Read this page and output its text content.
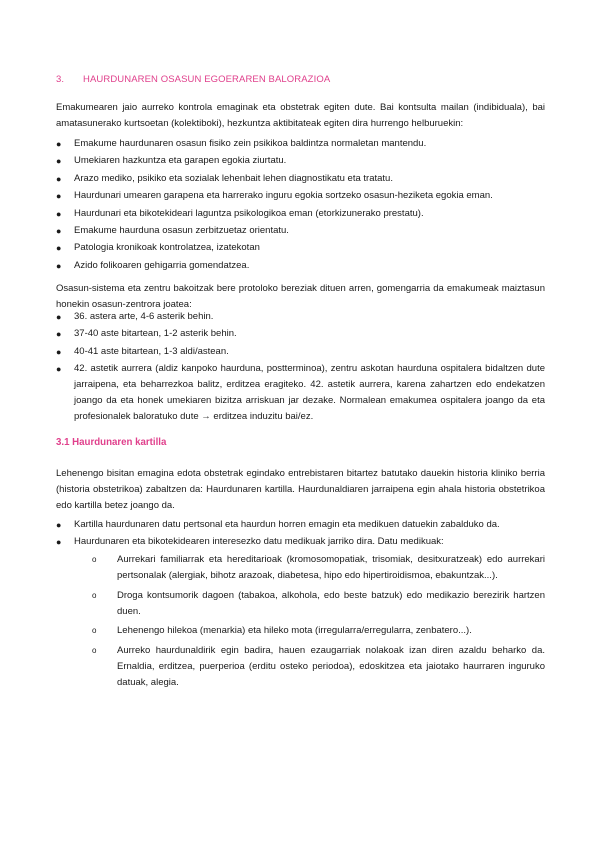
3. HAURDUNAREN OSASUN EGOERAREN BALORAZIOA

Emakumearen jaio aurreko kontrola emaginak eta obstetrak egiten dute. Bai kontsulta mailan (indibiduala), bai amatasunerako kurtsoetan (kolektiboki), hezkuntza aktibitateak egiten dira hurrengo helburuekin:

● Emakume haurdunaren osasun fisiko zein psikikoa baldintza normaletan mantendu.
● Umekiaren hazkuntza eta garapen egokia ziurtatu.
● Arazo mediko, psikiko eta sozialak lehenbait lehen diagnostikatu eta tratatu.
● Haurdunari umearen garapena eta harrerako inguru egokia sortzeko osasun-heziketa egokia eman.
● Haurdunari eta bikotekideari laguntza psikologikoa eman (etorkizunerako prestatu).
● Emakume haurduna osasun zerbitzuetaz orientatu.
● Patologia kronikoak kontrolatzea, izatekotan
● Azido folikoaren gehigarria gomendatzea.

Osasun-sistema eta zentru bakoitzak bere protoloko bereziak dituen arren, gomengarria da emakumeak maiztasun honekin osasun-zentrora joatea:

● 36. astera arte, 4-6 asterik behin.
● 37-40 aste bitartean, 1-2 asterik behin.
● 40-41 aste bitartean, 1-3 aldi/astean.
● 42. astetik aurrera (aldiz kanpoko haurduna, postterminoa), zentru askotan haurduna ospitalera bidaltzen dute jarraipena, eta beharrezkoa balitz, erditzea eragiteko. 42. astetik aurrera, karena zahartzen edo endekatzen joango da eta honek umekiaren bizitza arriskuan jar dezake. Normalean emakumea ospitalera joango da eta profesionalek baloratuko dute → erditzea induzitu bai/ez.
3.1 Haurdunaren kartilla

Lehenengo bisitan emagina edota obstetrak egindako entrebistaren bitartez batutako dauekin historia kliniko berria (historia obstetrikoa) zabaltzen da: Haurdunaren kartilla. Haurdunaldiaren jarraipena egin ahala historia obstetrikoa edo kartilla betez joango da.

● Kartilla haurdunaren datu pertsonal eta haurdun horren emagin eta medikuen datuekin zabalduko da.
● Haurdunaren eta bikotekidearen interesezko datu medikuak jarriko dira. Datu medikuak:
o Aurrekari familiarrak eta hereditarioak (kromosomopatiak, trisomiak, desitxuratzeak) edo aurrekari pertsonalak (alergiak, bihotz arazoak, diabetesa, hipo edo hipertiroidismoa, ebakuntzak...).
o Droga kontsumorik dagoen (tabakoa, alkohola, edo beste batzuk) edo medikazio berezirik hartzen duen.
o Lehenengo hilekoa (menarkia) eta hileko mota (irregularra/erregularra, zenbatero...).
o Aurreko haurdunaldirik egin badira, hauen ezaugarriak nolakoak izan diren azaldu beharko da. Ernaldia, erditzea, puerperioa (erditu osteko periodoa), edoskitzea eta jaiotako haurraren inguruko datuak, alegia.
